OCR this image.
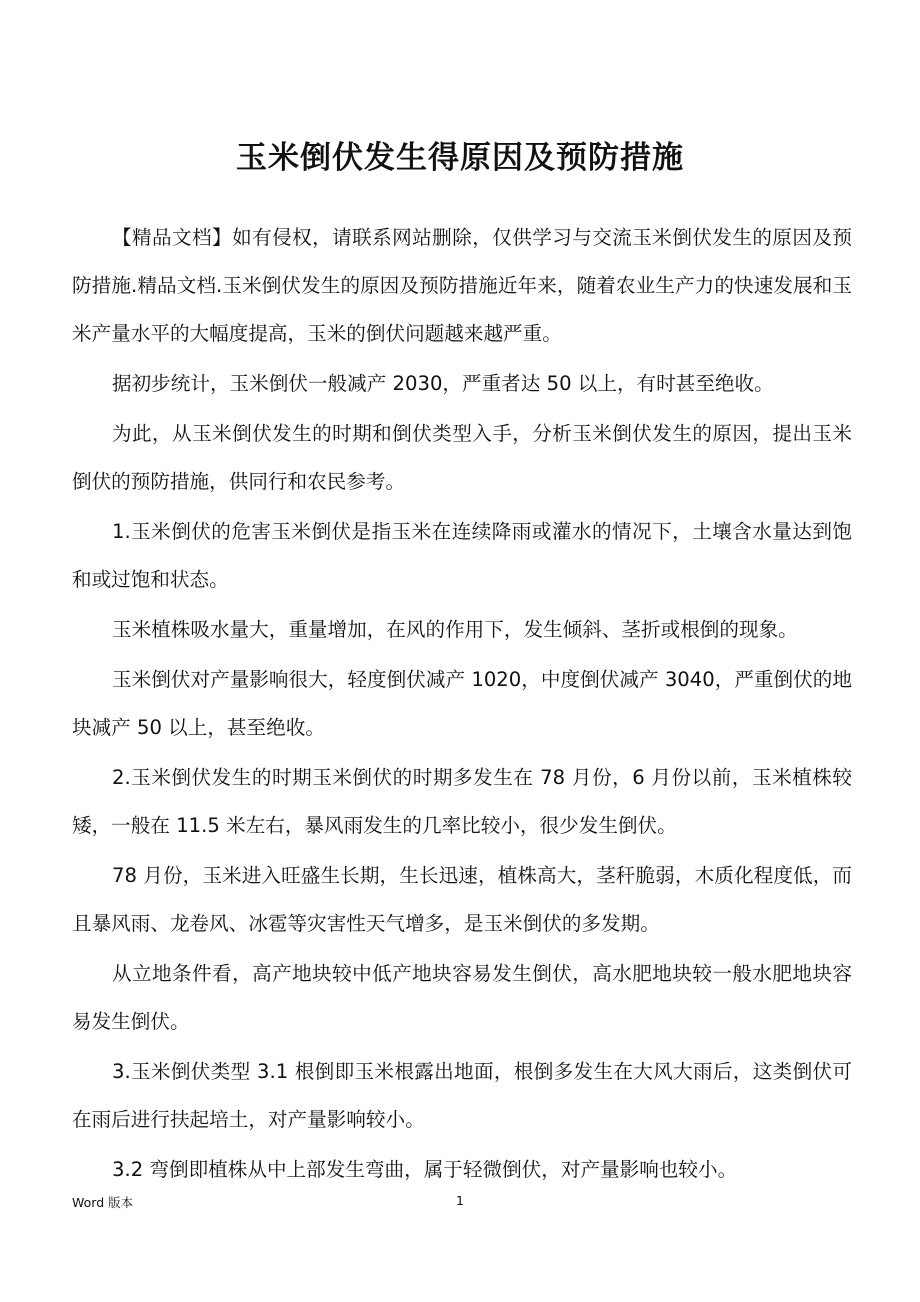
玉米倒伏发生得原因及预防措施

【精品文档】如有侵权，请联系网站删除，仅供学习与交流玉米倒伏发生的原因及预防措施.精品文档.玉米倒伏发生的原因及预防措施近年来，随着农业生产力的快速发展和玉米产量水平的大幅度提高，玉米的倒伏问题越来越严重。

据初步统计，玉米倒伏一般减产 2030，严重者达 50 以上，有时甚至绝收。

为此，从玉米倒伏发生的时期和倒伏类型入手，分析玉米倒伏发生的原因，提出玉米倒伏的预防措施，供同行和农民参考。

1.玉米倒伏的危害玉米倒伏是指玉米在连续降雨或灌水的情况下，土壤含水量达到饱和或过饱和状态。

玉米植株吸水量大，重量增加，在风的作用下，发生倾斜、茎折或根倒的现象。

玉米倒伏对产量影响很大，轻度倒伏减产 1020，中度倒伏减产 3040，严重倒伏的地块减产 50 以上，甚至绝收。

2.玉米倒伏发生的时期玉米倒伏的时期多发生在 78 月份，6 月份以前，玉米植株较矮，一般在 11.5 米左右，暴风雨发生的几率比较小，很少发生倒伏。

78 月份，玉米进入旺盛生长期，生长迅速，植株高大，茎秆脆弱，木质化程度低，而且暴风雨、龙卷风、冰雹等灾害性天气增多，是玉米倒伏的多发期。

从立地条件看，高产地块较中低产地块容易发生倒伏，高水肥地块较一般水肥地块容易发生倒伏。

3.玉米倒伏类型 3.1 根倒即玉米根露出地面，根倒多发生在大风大雨后，这类倒伏可在雨后进行扶起培土，对产量影响较小。

3.2 弯倒即植株从中上部发生弯曲，属于轻微倒伏，对产量影响也较小。

Word 版本	1
